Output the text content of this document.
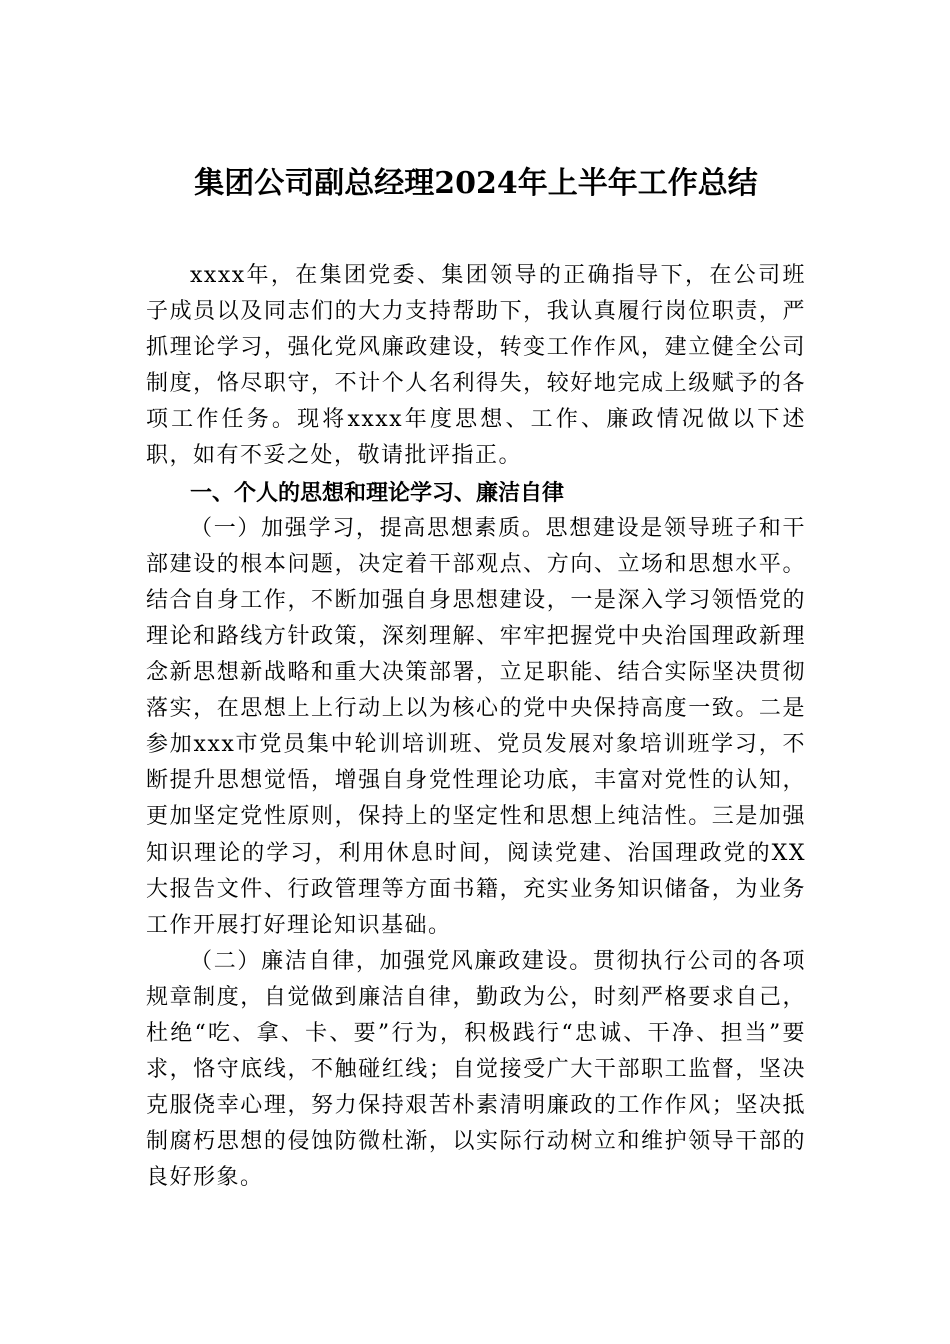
集团公司副总经理2024年上半年工作总结

xxxx年，在集团党委、集团领导的正确指导下，在公司班子成员以及同志们的大力支持帮助下，我认真履行岗位职责，严抓理论学习，强化党风廉政建设，转变工作作风，建立健全公司制度，恪尽职守，不计个人名利得失，较好地完成上级赋予的各项工作任务。现将xxxx年度思想、工作、廉政情况做以下述职，如有不妥之处，敬请批评指正。

一、个人的思想和理论学习、廉洁自律

（一）加强学习，提高思想素质。思想建设是领导班子和干部建设的根本问题，决定着干部观点、方向、立场和思想水平。结合自身工作，不断加强自身思想建设，一是深入学习领悟党的理论和路线方针政策，深刻理解、牢牢把握党中央治国理政新理念新思想新战略和重大决策部署，立足职能、结合实际坚决贯彻落实，在思想上上行动上以为核心的党中央保持高度一致。二是参加xxx市党员集中轮训培训班、党员发展对象培训班学习，不断提升思想觉悟，增强自身党性理论功底，丰富对党性的认知，更加坚定党性原则，保持上的坚定性和思想上纯洁性。三是加强知识理论的学习，利用休息时间，阅读党建、治国理政党的XX大报告文件、行政管理等方面书籍，充实业务知识储备，为业务工作开展打好理论知识基础。

（二）廉洁自律，加强党风廉政建设。贯彻执行公司的各项规章制度，自觉做到廉洁自律，勤政为公，时刻严格要求自己，杜绝“吃、拿、卡、要”行为，积极践行“忠诚、干净、担当”要求，恪守底线，不触碰红线；自觉接受广大干部职工监督，坚决克服侥幸心理，努力保持艰苦朴素清明廉政的工作作风；坚决抵制腐朽思想的侵蚀防微杜渐，以实际行动树立和维护领导干部的良好形象。
